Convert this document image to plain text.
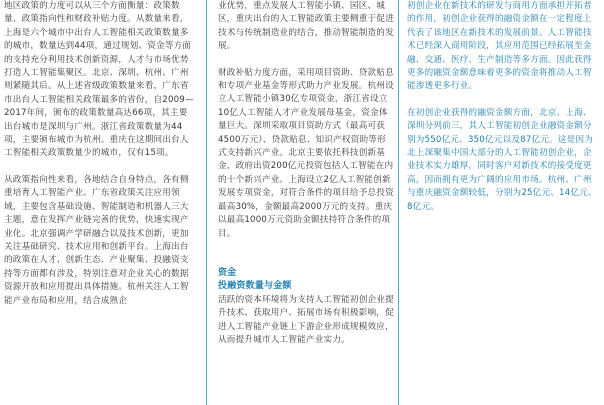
地区政策的力度可以从三个方面衡量：政策数量、政策指向性和财政补贴力度。从数量来看，上海是六个城市中出台人工智能相关政策数量多的城市，数量达到44项，通过规划、资金等方面的支持充分利用技术创新资源，人才与市场优势打造人工智能集聚区。北京、深圳、杭州、广州则紧随其后。从上述省级政策数量来看，广东省市出台人工智能相关政策最多的省份，自2009—2017年间，颁布的政策数量高达66项，其主要出台城市是深圳与广州。浙江省政策数量为44项，主要颁布城市为杭州。重庆在这期间出台人工智能相关政策数量少的城市，仅有15项。

从政策指向性来看，各地结合自身特点，各有侧重培育人工智能产业。广东省政策关注应用领域，主要包含基础设施、智能制造和机器人三大主题，意在发挥产业链完善的优势，快速实现产业化。北京强调产学研融合以及技术创新，更加关注基础研究、技术应用和创新平台。上海出台的政策在人才、创新生态、产业聚集、投融资支持等方面都有涉及，特别注意对企业关心的数据资源开放和应用提出具体措施。杭州关注人工智能产业布局和应用，结合成熟企

业优势，重点发展人工智能小镇、园区、城区，重庆出台的人工智能政策主要侧重于促进技术与传统制造业的结合，推动智能制造的发展。

财政补贴力度方面，采用项目资助、贷款贴息和专项产业基金等形式助力产业发展。杭州设立人工智能小镇30亿专项资金，浙江省设立10亿人工智能人才产业发展母基金，资金体量巨大。深圳采取项目资助方式（最高可获4500万元）、贷款贴息、知识产权资助等形式支持新兴产业。北京主要依托科技创新基金，政府出资200亿元投资包括人工智能在内的十个新兴产业。上海设立2亿人工智能创新发展专项资金，对符合条件的项目给予总投资最高30%，金额最高2000万元的支持。重庆以最高1000万元资助金额扶持符合条件的项目。

资金
投融资数量与金额

活跃的资本环境将为支持人工智能初创企业提升技术、获取用户、拓展市场有积极影响，促进人工智能产业链上下游企业形成规模效应，从而提升城市人工智能产业实力。

初创企业在新技术的研发与商用方面承担开拓者的作用，初创企业获得的融资金额在一定程度上代表了该地区在新技术的发展前景。人工智能技术已经深入商用阶段，其应用范围已经拓展至金融、交通、医疗、生产制造等多方面。因此获得更多的融资金额意味着更多的资金将推动人工智能渗透更多行业。

在初创企业获得的融资金额方面，北京、上海、深圳分列前三，其人工智能初创企业融资金额分别为550亿元、350亿元以及87亿元。这是因为北上深聚集中国大部分的人工智能初创企业，企业技术实力雄厚，同时客户对新技术的接受度更高，因而拥有更为广阔的应用市场。杭州、广州与重庆融资金额较低，分别为25亿元、14亿元、8亿元。
